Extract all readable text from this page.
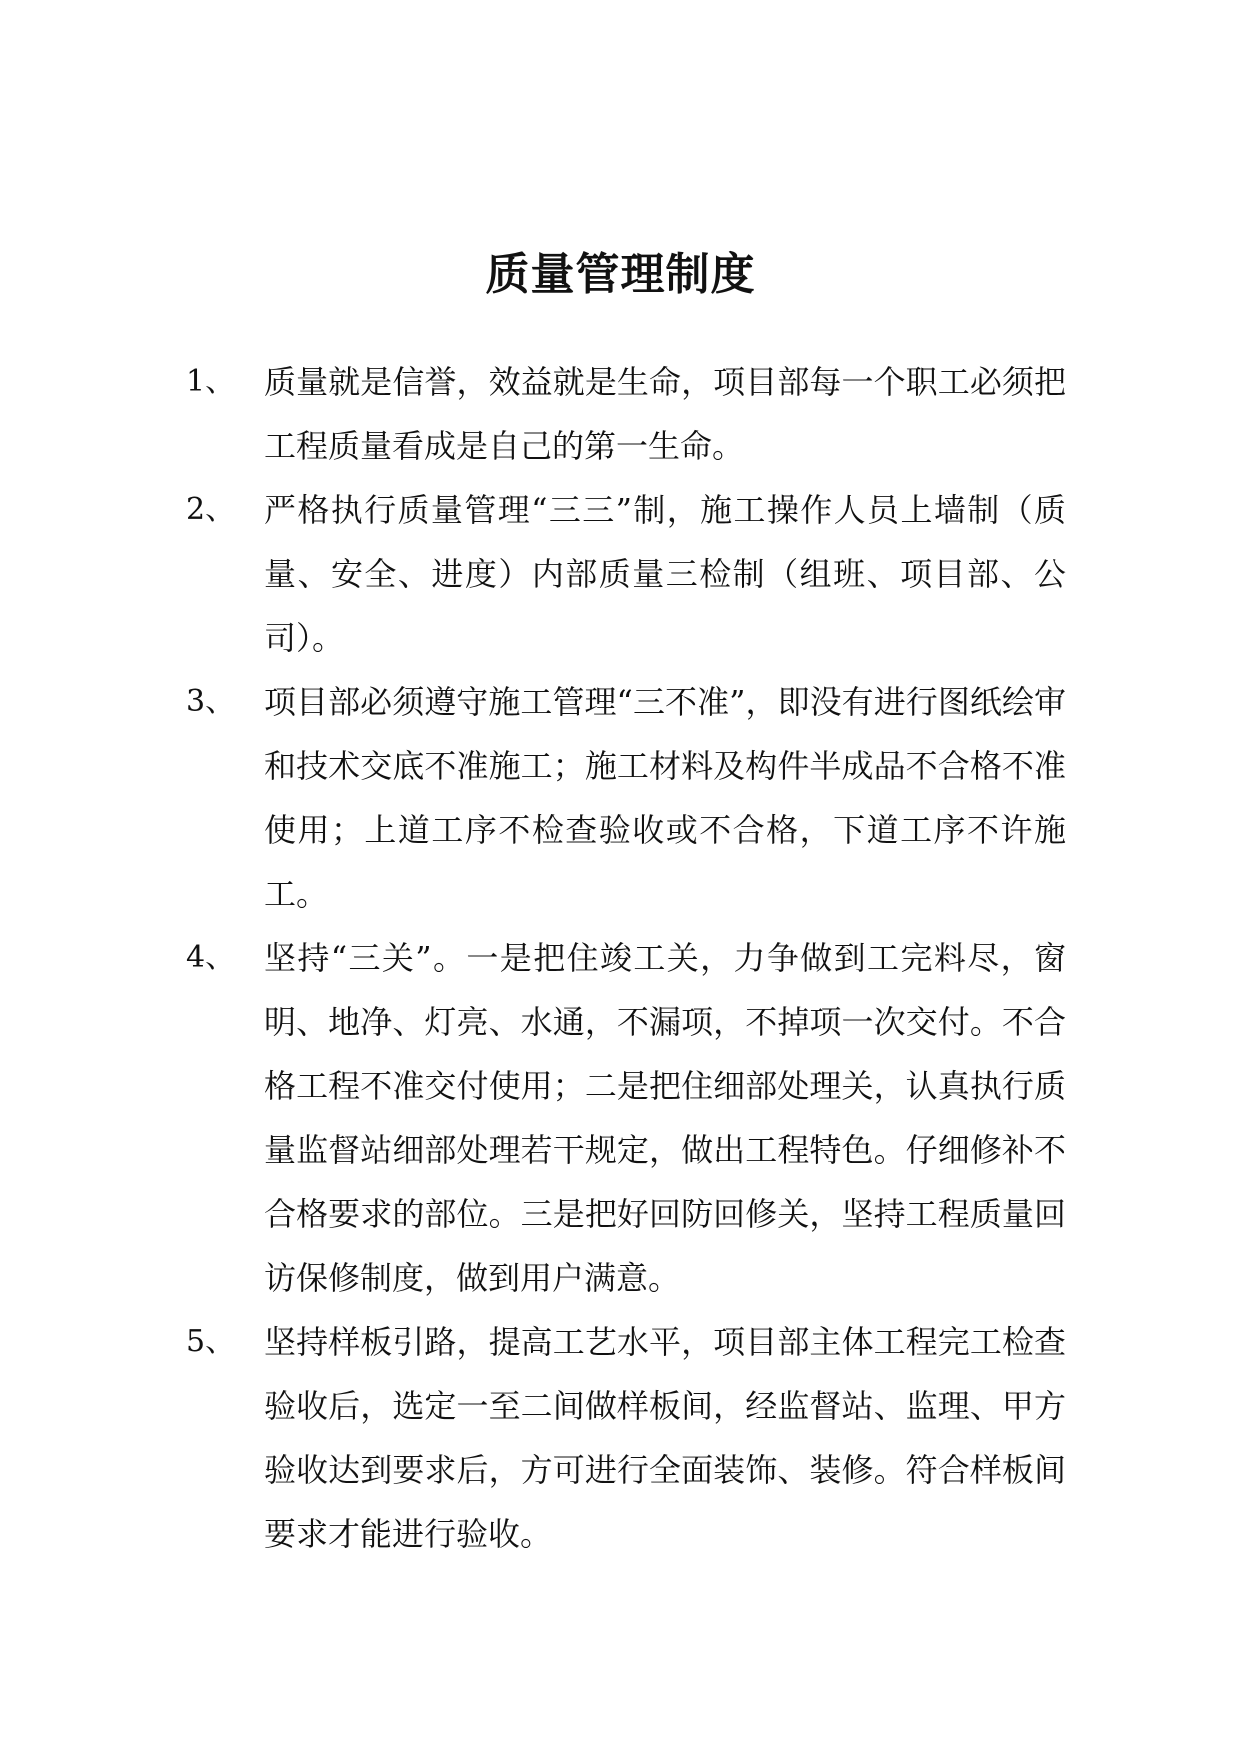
质量管理制度
1、 质量就是信誉，效益就是生命，项目部每一个职工必须把工程质量看成是自己的第一生命。
2、 严格执行质量管理“三三”制，施工操作人员上墙制（质量、安全、进度）内部质量三检制（组班、项目部、公司）。
3、 项目部必须遵守施工管理“三不准”，即没有进行图纸绘审和技术交底不准施工；施工材料及构件半成品不合格不准使用；上道工序不检查验收或不合格，下道工序不许施工。
4、 坚持“三关”。一是把住竣工关，力争做到工完料尽，窗明、地净、灯亮、水通，不漏项，不掉项一次交付。不合格工程不准交付使用；二是把住细部处理关，认真执行质量监督站细部处理若干规定，做出工程特色。仔细修补不合格要求的部位。三是把好回防回修关，坚持工程质量回访保修制度，做到用户满意。
5、 坚持样板引路，提高工艺水平，项目部主体工程完工检查验收后，选定一至二间做样板间，经监督站、监理、甲方验收达到要求后，方可进行全面装饰、装修。符合样板间要求才能进行验收。
